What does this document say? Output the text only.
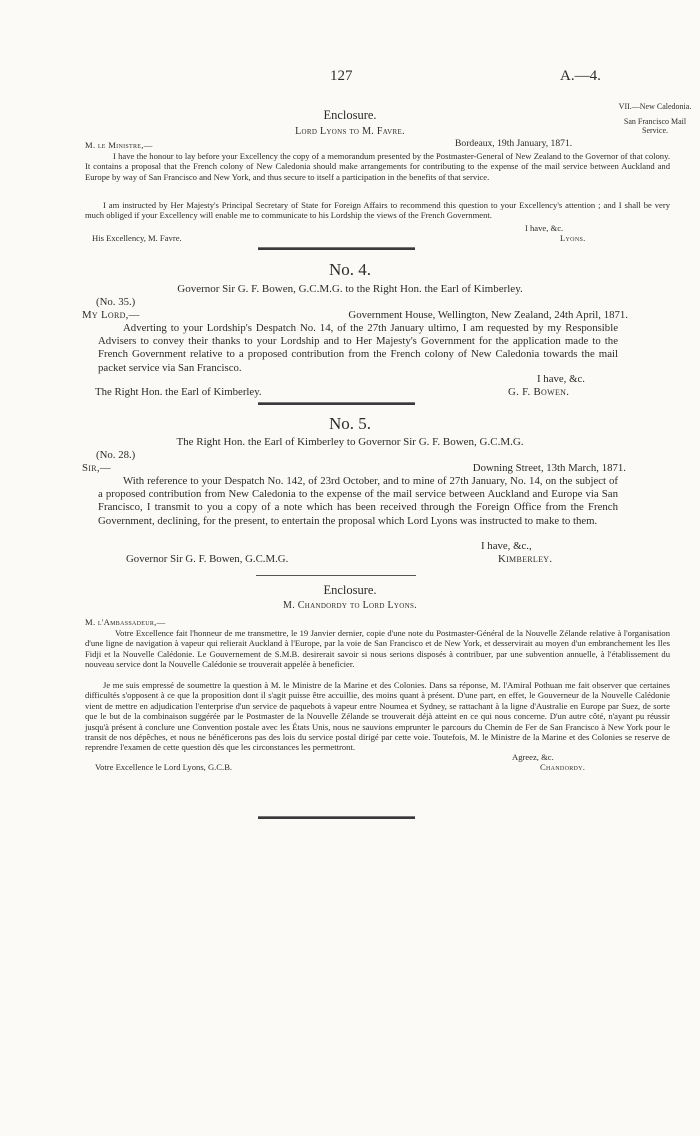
127	A.—4.
VII.—New Caledonia.
San Francisco Mail Service.
Enclosure.
Lord Lyons to M. Favre.
M. le Ministre,—	Bordeaux, 19th January, 1871.
I have the honour to lay before your Excellency the copy of a memorandum presented by the Postmaster-General of New Zealand to the Governor of that colony. It contains a proposal that the French colony of New Caledonia should make arrangements for contributing to the expense of the mail service between Auckland and Europe by way of San Francisco and New York, and thus secure to itself a participation in the benefits of that service.
I am instructed by Her Majesty's Principal Secretary of State for Foreign Affairs to recommend this question to your Excellency's attention ; and I shall be very much obliged if your Excellency will enable me to communicate to his Lordship the views of the French Government.
I have, &c.
His Excellency, M. Favre.	Lyons.
No. 4.
Governor Sir G. F. Bowen, G.C.M.G. to the Right Hon. the Earl of Kimberley.
(No. 35.)
My Lord,—	Government House, Wellington, New Zealand, 24th April, 1871.
Adverting to your Lordship's Despatch No. 14, of the 27th January ultimo, I am requested by my Responsible Advisers to convey their thanks to your Lordship and to Her Majesty's Government for the application made to the French Government relative to a proposed contribution from the French colony of New Caledonia towards the mail packet service via San Francisco.
I have, &c.
The Right Hon. the Earl of Kimberley.	G. F. Bowen.
No. 5.
The Right Hon. the Earl of Kimberley to Governor Sir G. F. Bowen, G.C.M.G.
(No. 28.)
Sir,—	Downing Street, 13th March, 1871.
With reference to your Despatch No. 142, of 23rd October, and to mine of 27th January, No. 14, on the subject of a proposed contribution from New Caledonia to the expense of the mail service between Auckland and Europe via San Francisco, I transmit to you a copy of a note which has been received through the Foreign Office from the French Government, declining, for the present, to entertain the proposal which Lord Lyons was instructed to make to them.
I have, &c.,
Governor Sir G. F. Bowen, G.C.M.G.	Kimberley.
Enclosure.
M. Chandordy to Lord Lyons.
M. l'Ambassadeur,—
Votre Excellence fait l'honneur de me transmettre, le 19 Janvier dernier, copie d'une note du Postmaster-Général de la Nouvelle Zélande relative à l'organisation d'une ligne de navigation à vapeur qui relierait Auckland à l'Europe, par la voie de San Francisco et de New York, et desservirait au moyen d'un embranchement les Iles Fidji et la Nouvelle Calédonie. Le Gouvernement de S.M.B. desirerait savoir si nous serions disposés à contribuer, par une subvention annuelle, à l'établissement du nouveau service dont la Nouvelle Calédonie se trouverait appelée à beneficier.
Je me suis empressé de soumettre la question à M. le Ministre de la Marine et des Colonies. Dans sa réponse, M. l'Amiral Pothuan me fait observer que certaines difficultés s'opposent à ce que la proposition dont il s'agit puisse être accuillie, des moins quant à présent. D'une part, en effet, le Gouverneur de la Nouvelle Calédonie vient de mettre en adjudication l'enterprise d'un service de paquebots à vapeur entre Noumea et Sydney, se rattachant à la ligne d'Australie en Europe par Suez, de sorte que le but de la combinaison suggérée par le Postmaster de la Nouvelle Zélande se trouverait déjà atteint en ce qui nous concerne. D'un autre côté, n'ayant pu réussir jusqu'à présent à conclure une Convention postale avec les États Unis, nous ne sauvions emprunter le parcours du Chemin de Fer de San Francisco à New York pour le transit de nos dépêches, et nous ne bénéficerons pas des lois du service postal dirigé par cette voie. Toutefois, M. le Ministre de la Marine et des Colonies se reserve de reprendre l'examen de cette question dès que les circonstances les permettront.
Agreez, &c.
Votre Excellence le Lord Lyons, G.C.B.	Chandordy.
